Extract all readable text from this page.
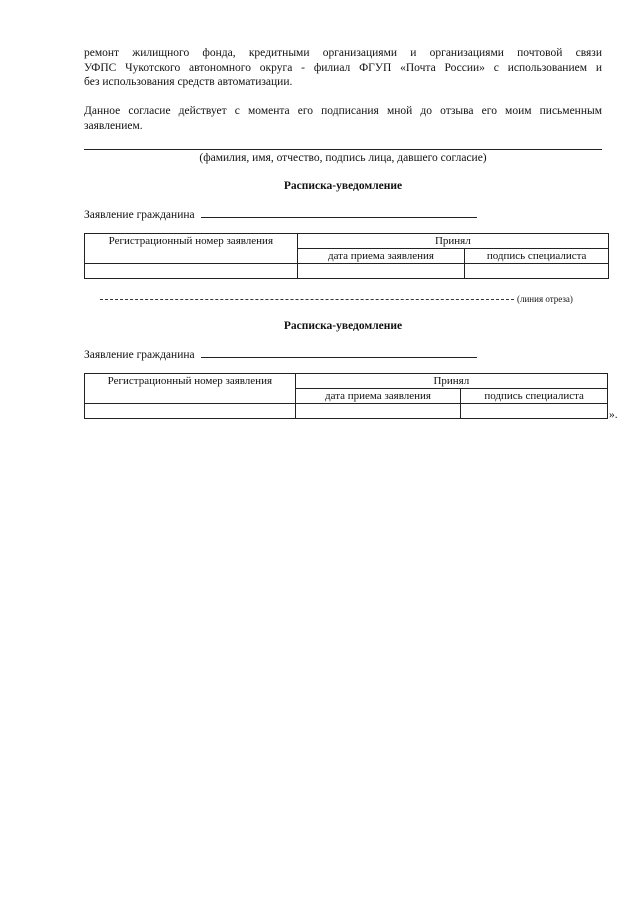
ремонт жилищного фонда, кредитными организациями и организациями почтовой связи
УФПС Чукотского автономного округа - филиал ФГУП «Почта России» с использованием и
без использования средств автоматизации.

Данное согласие действует с момента его подписания мной до отзыва его моим письменным
заявлением.

(фамилия, имя, отчество, подпись лица, давшего согласие)
Расписка-уведомление
Заявление гражданина
Регистрационный номер заявления	Принял	
	дата приема заявления	подпись специалиста

(линия отреза)
Расписка-уведомление
Заявление гражданина
Регистрационный номер заявления	Принял	
	дата приема заявления	подпись специалиста

».
